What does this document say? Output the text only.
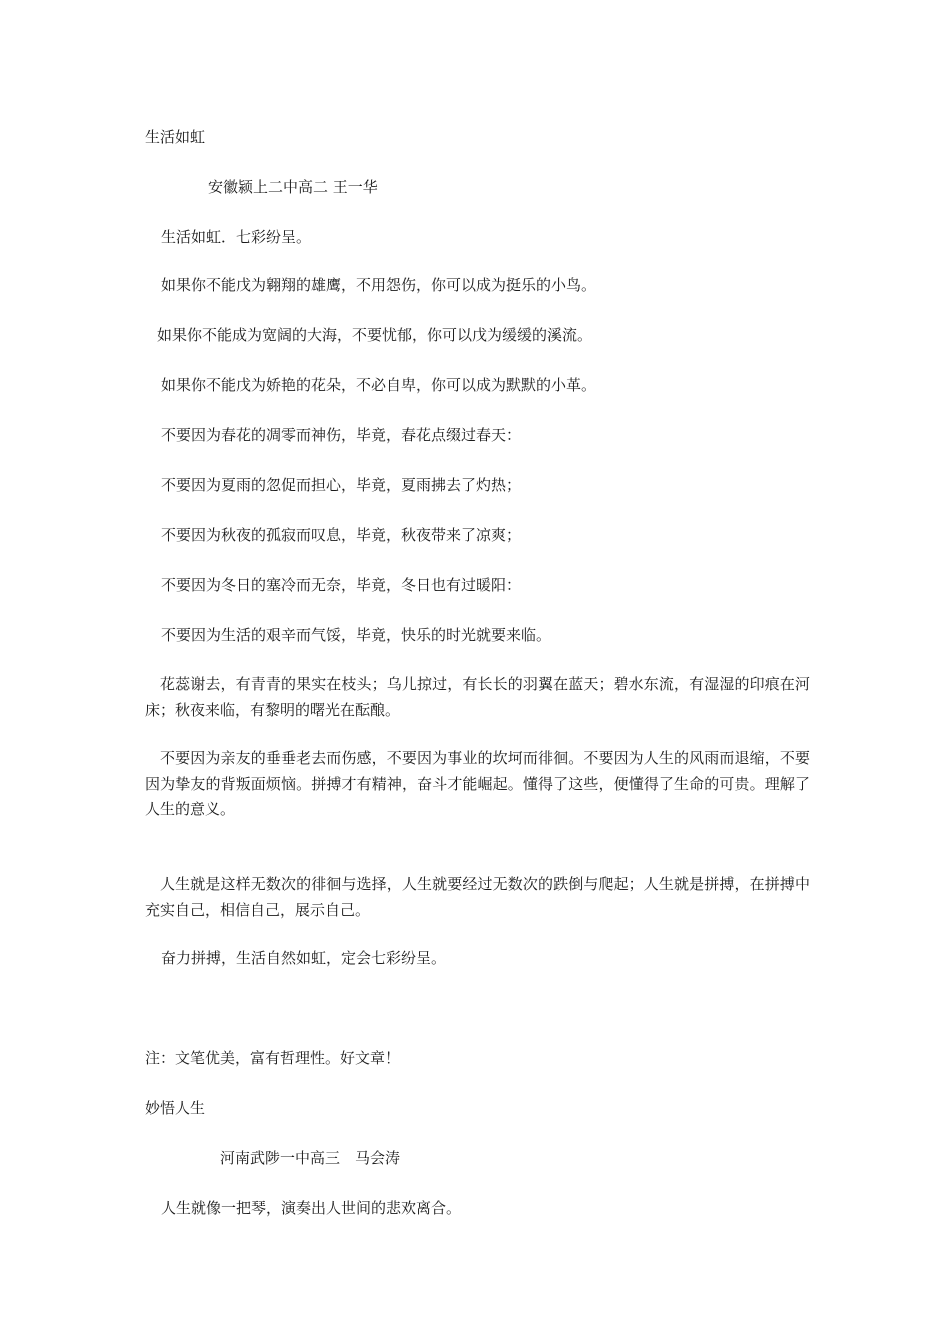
生活如虹
安徽颍上二中高二 王一华
生活如虹．七彩纷呈。
如果你不能戊为翱翔的雄鹰，不用怨伤，你可以成为挺乐的小鸟。
如果你不能成为宽阔的大海，不要忧郁，你可以戊为缓缓的溪流。
如果你不能戊为娇艳的花朵，不必自卑，你可以成为默默的小革。
不要因为春花的凋零而神伤，毕竟，春花点缀过春天：
不要因为夏雨的忽促而担心，毕竟，夏雨拂去了灼热；
不要因为秋夜的孤寂而叹息，毕竟，秋夜带来了凉爽；
不要因为冬日的塞冷而无奈，毕竟，冬日也有过暖阳：
不要因为生活的艰辛而气馁，毕竟，快乐的时光就要来临。
花蕊谢去，有青青的果实在枝头；乌儿掠过，有长长的羽翼在蓝天；碧水东流，有湿湿的印痕在河床；秋夜来临，有黎明的曙光在酝酿。
不要因为亲友的垂垂老去而伤感，不要因为事业的坎坷而徘徊。不要因为人生的风雨而退缩，不要因为挚友的背叛面烦恼。拼搏才有精神，奋斗才能崛起。懂得了这些，便懂得了生命的可贵。理解了人生的意义。
人生就是这样无数次的徘徊与选择，人生就要经过无数次的跌倒与爬起；人生就是拼搏，在拼搏中充实自己，相信自己，展示自己。
奋力拼搏，生活自然如虹，定会七彩纷呈。
注：文笔优美，富有哲理性。好文章！
妙悟人生
河南武陟一中高三　马会涛
人生就像一把琴，演奏出人世间的悲欢离合。
